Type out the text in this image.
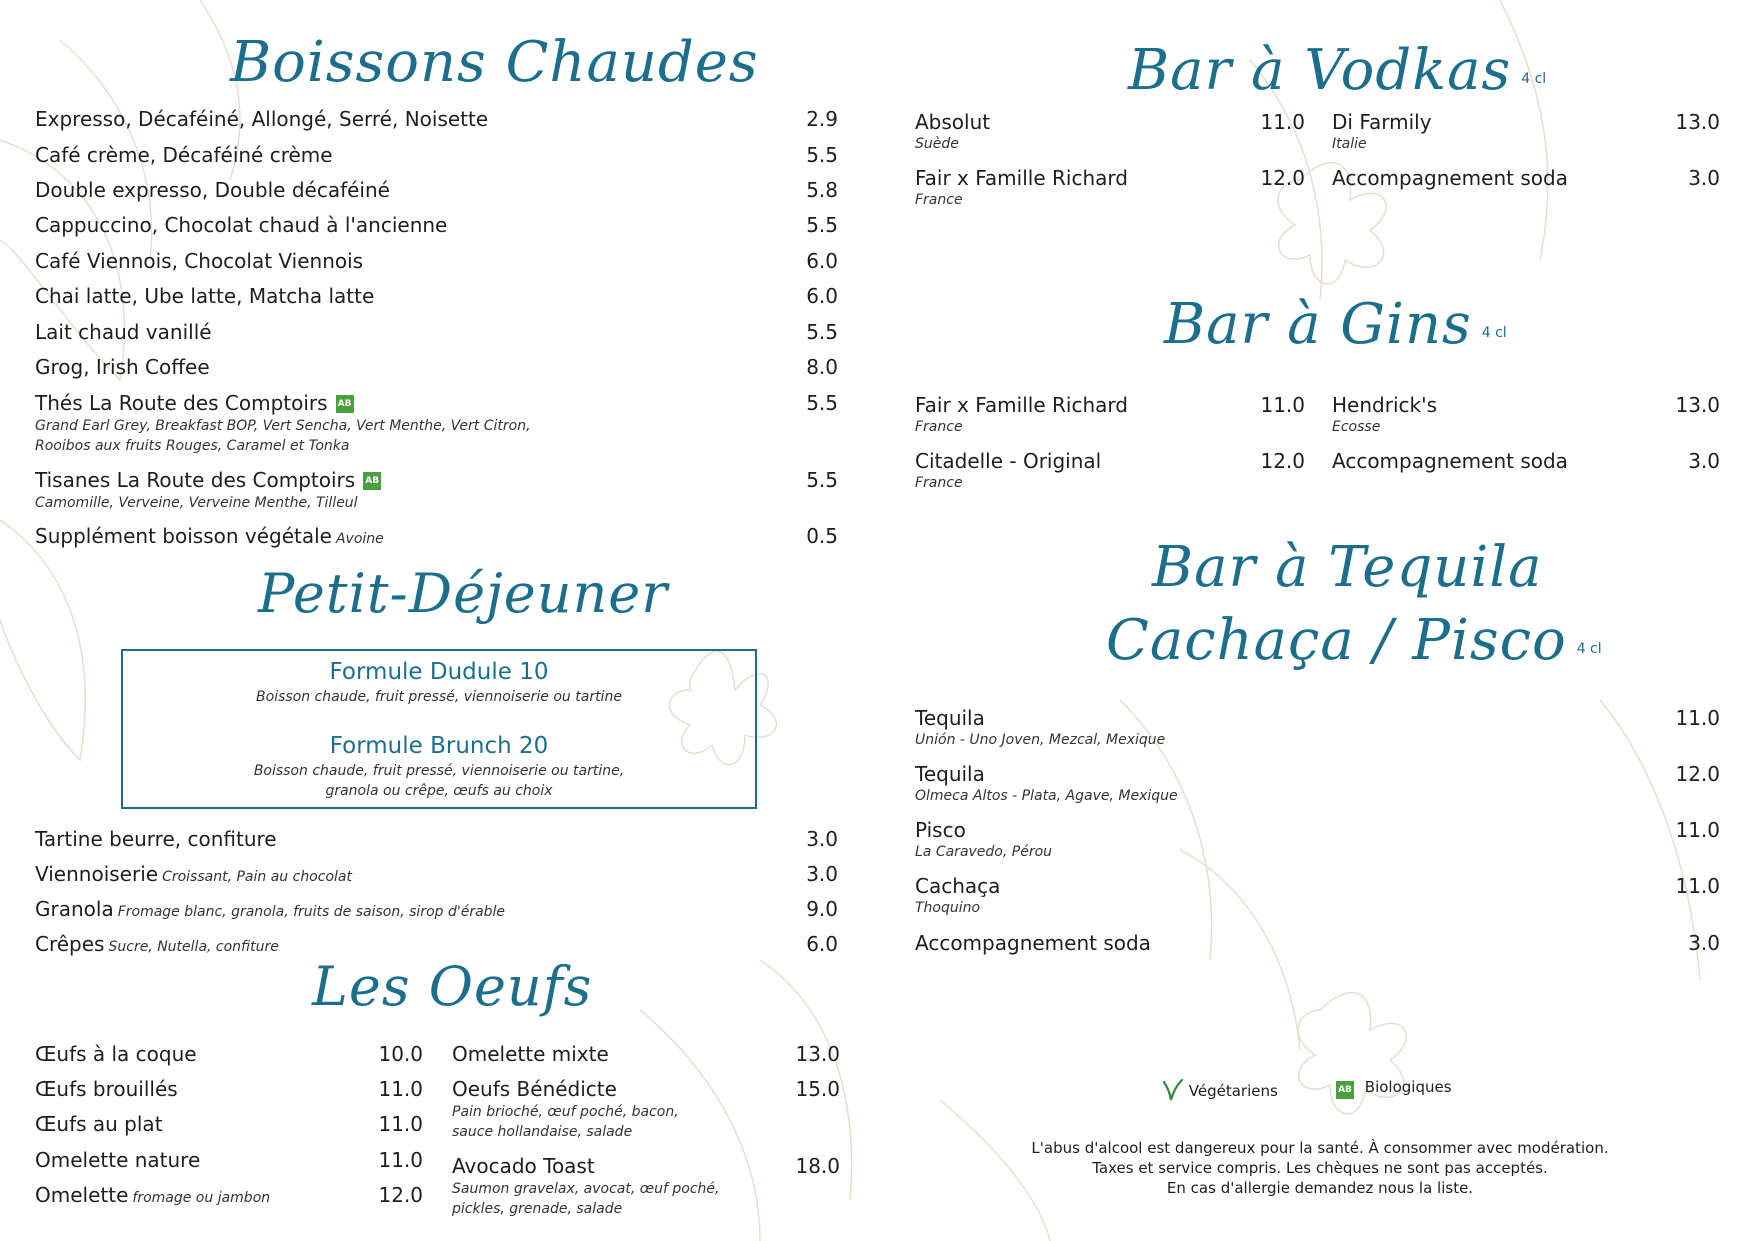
Boissons Chaudes
Expresso, Décaféiné, Allongé, Serré, Noisette	2.9
Café crème, Décaféiné crème	5.5
Double expresso, Double décaféiné	5.8
Cappuccino, Chocolat chaud à l'ancienne	5.5
Café Viennois, Chocolat Viennois	6.0
Chai latte, Ube latte, Matcha latte	6.0
Lait chaud vanillé	5.5
Grog, Irish Coffee	8.0
Thés La Route des Comptoirs AB	5.5
Grand Earl Grey, Breakfast BOP, Vert Sencha, Vert Menthe, Vert Citron,
Rooibos aux fruits Rouges, Caramel et Tonka
Tisanes La Route des Comptoirs AB	5.5
Camomille, Verveine, Verveine Menthe, Tilleul
Supplément boisson végétale Avoine	0.5
Petit-Déjeuner
Formule Dudule 10
Boisson chaude, fruit pressé, viennoiserie ou tartine
Formule Brunch 20
Boisson chaude, fruit pressé, viennoiserie ou tartine,
granola ou crêpe, œufs au choix
Tartine beurre, confiture	3.0
Viennoiserie Croissant, Pain au chocolat	3.0
Granola Fromage blanc, granola, fruits de saison, sirop d'érable	9.0
Crêpes Sucre, Nutella, confiture	6.0
Les Oeufs
Œufs à la coque	10.0
Œufs brouillés	11.0
Œufs au plat	11.0
Omelette nature	11.0
Omelette fromage ou jambon	12.0
Omelette mixte	13.0
Oeufs Bénédicte	15.0
Pain brioché, œuf poché, bacon,
sauce hollandaise, salade
Avocado Toast	18.0
Saumon gravelax, avocat, œuf poché,
pickles, grenade, salade
Bar à Vodkas 4 cl
Absolut	11.0
Suède
Fair x Famille Richard	12.0
France
Di Farmily	13.0
Italie
Accompagnement soda	3.0
Bar à Gins 4 cl
Fair x Famille Richard	11.0
France
Citadelle - Original	12.0
France
Hendrick's	13.0
Ecosse
Accompagnement soda	3.0
Bar à Tequila
Cachaça / Pisco 4 cl
Tequila	11.0
Unión - Uno Joven, Mezcal, Mexique
Tequila	12.0
Olmeca Altos - Plata, Agave, Mexique
Pisco	11.0
La Caravedo, Pérou
Cachaça	11.0
Thoquino
Accompagnement soda	3.0
Végétariens	AB Biologiques
L'abus d'alcool est dangereux pour la santé. À consommer avec modération.
Taxes et service compris. Les chèques ne sont pas acceptés.
En cas d'allergie demandez nous la liste.
